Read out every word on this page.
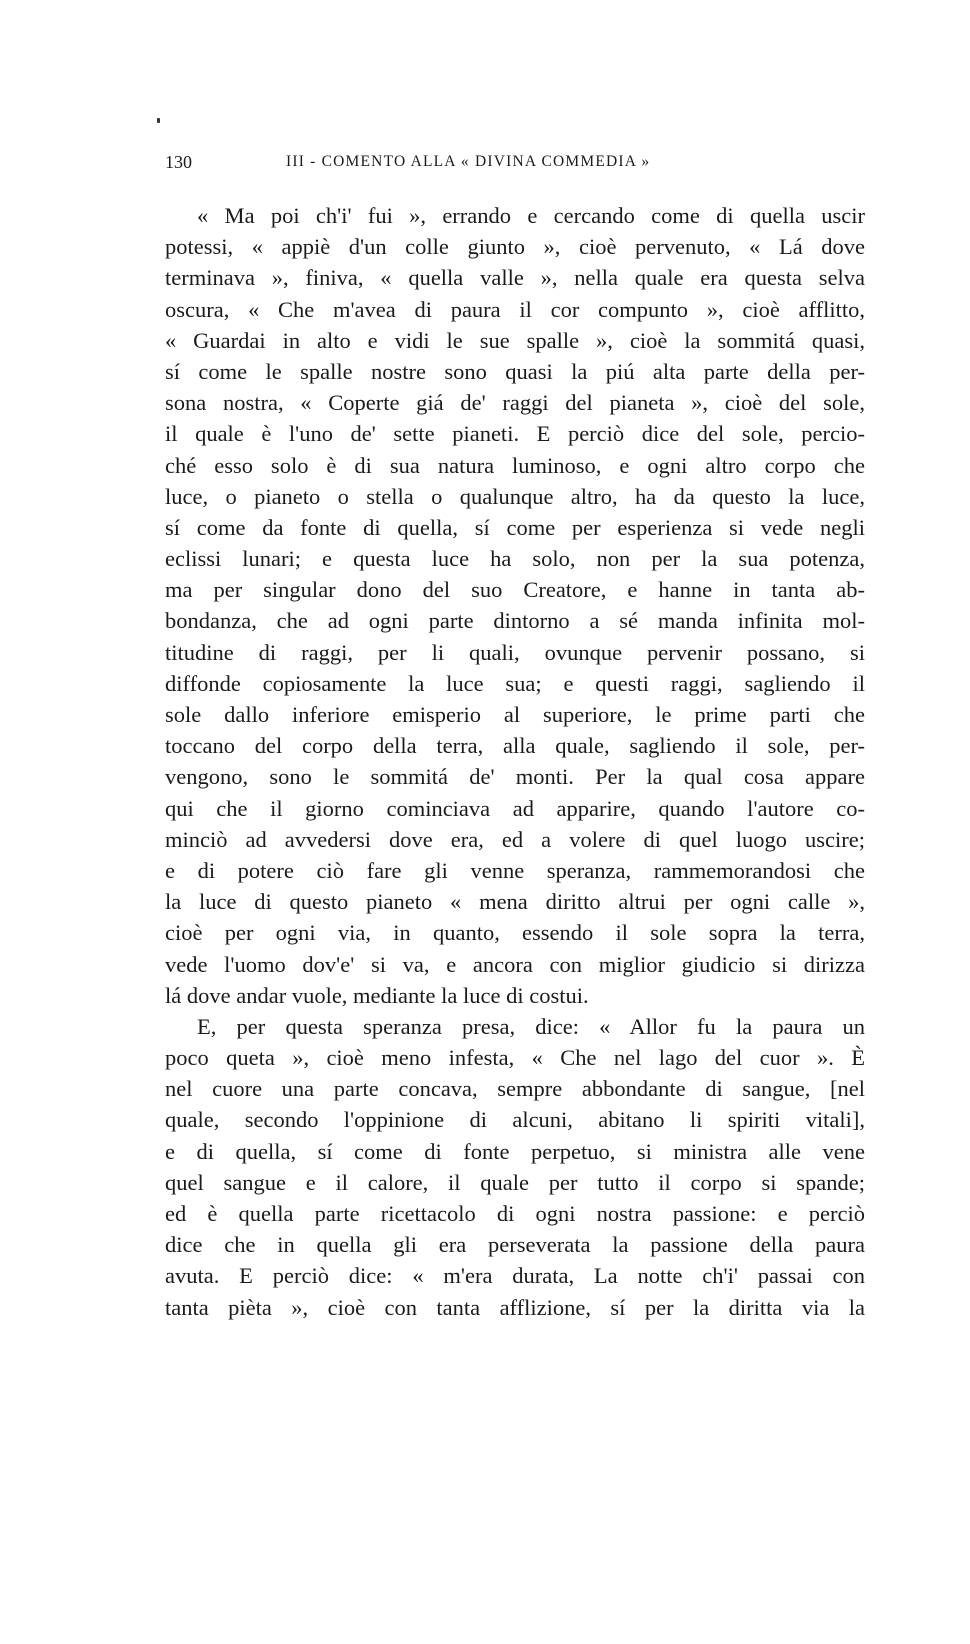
130	III - COMENTO ALLA « DIVINA COMMEDIA »
« Ma poi ch'i' fui », errando e cercando come di quella uscir
potessi, « appiè d'un colle giunto », cioè pervenuto, « Lá dove
terminava », finiva, « quella valle », nella quale era questa selva
oscura, « Che m'avea di paura il cor compunto », cioè afflitto,
« Guardai in alto e vidi le sue spalle », cioè la sommitá quasi,
sí come le spalle nostre sono quasi la piú alta parte della per-
sona nostra, « Coperte giá de' raggi del pianeta », cioè del sole,
il quale è l'uno de' sette pianeti. E perciò dice del sole, percio-
ché esso solo è di sua natura luminoso, e ogni altro corpo che
luce, o pianeto o stella o qualunque altro, ha da questo la luce,
sí come da fonte di quella, sí come per esperienza si vede negli
eclissi lunari; e questa luce ha solo, non per la sua potenza,
ma per singular dono del suo Creatore, e hanne in tanta ab-
bondanza, che ad ogni parte dintorno a sé manda infinita mol-
titudine di raggi, per li quali, ovunque pervenir possano, si
diffonde copiosamente la luce sua; e questi raggi, sagliendo il
sole dallo inferiore emisperio al superiore, le prime parti che
toccano del corpo della terra, alla quale, sagliendo il sole, per-
vengono, sono le sommitá de' monti. Per la qual cosa appare
qui che il giorno cominciava ad apparire, quando l'autore co-
minciò ad avvedersi dove era, ed a volere di quel luogo uscire;
e di potere ciò fare gli venne speranza, rammemorandosi che
la luce di questo pianeto « mena diritto altrui per ogni calle »,
cioè per ogni via, in quanto, essendo il sole sopra la terra,
vede l'uomo dov'e' si va, e ancora con miglior giudicio si dirizza
lá dove andar vuole, mediante la luce di costui.
E, per questa speranza presa, dice: « Allor fu la paura un
poco queta », cioè meno infesta, « Che nel lago del cuor ». È
nel cuore una parte concava, sempre abbondante di sangue, [nel
quale, secondo l'oppinione di alcuni, abitano li spiriti vitali],
e di quella, sí come di fonte perpetuo, si ministra alle vene
quel sangue e il calore, il quale per tutto il corpo si spande;
ed è quella parte ricettacolo di ogni nostra passione: e perciò
dice che in quella gli era perseverata la passione della paura
avuta. E perciò dice: « m'era durata, La notte ch'i' passai con
tanta pièta », cioè con tanta afflizione, sí per la diritta via la
